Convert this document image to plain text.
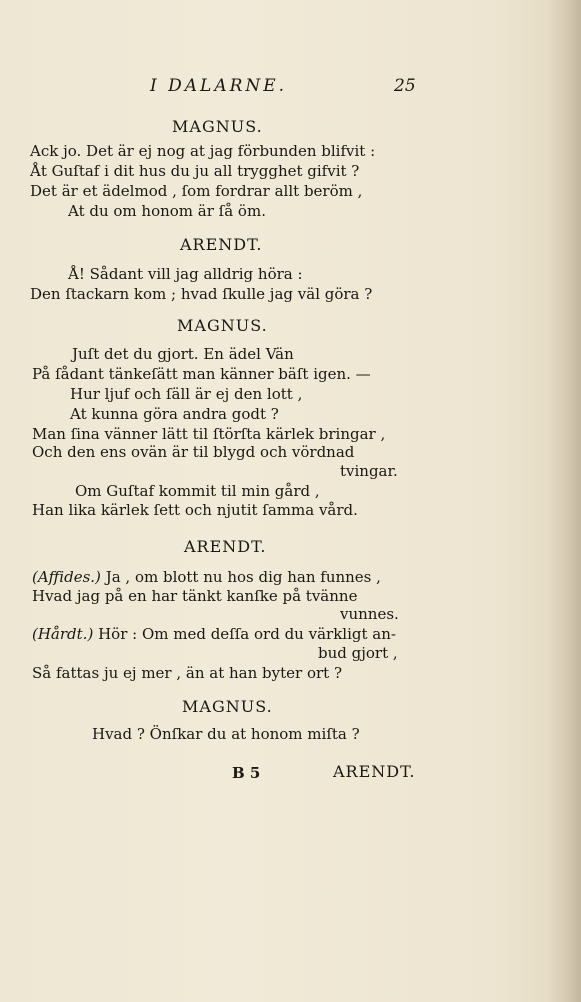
I DALARNE.	25
MAGNUS.
Ack jo. Det är ej nog at jag förbunden blifvit :
Åt Guſtaf i dit hus du ju all trygghet gifvit ?
Det är et ädelmod , ſom fordrar allt beröm ,
At du om honom är ſå öm.
ARENDT.
Å! Sådant vill jag alldrig höra :
Den ſtackarn kom ; hvad ſkulle jag väl göra ?
MAGNUS.
Juſt det du gjort. En ädel Vän
På ſådant tänkeſätt man känner bäſt igen. —
Hur ljuf och ſäll är ej den lott ,
At kunna göra andra godt ?
Man ſina vänner lätt til ſtörſta kärlek bringar ,
Och den ens ovän är til blygd och vördnad
tvingar.
Om Guſtaf kommit til min gård ,
Han lika kärlek ſett och njutit ſamma vård.
ARENDT.
(Affides.) Ja , om blott nu hos dig han funnes ,
Hvad jag på en har tänkt kanſke på tvänne
vunnes.
(Hårdt.) Hör : Om med deſſa ord du värkligt an-
bud gjort ,
Så fattas ju ej mer , än at han byter ort ?
MAGNUS.
Hvad ? Önſkar du at honom miſta ?
B 5	ARENDT.
